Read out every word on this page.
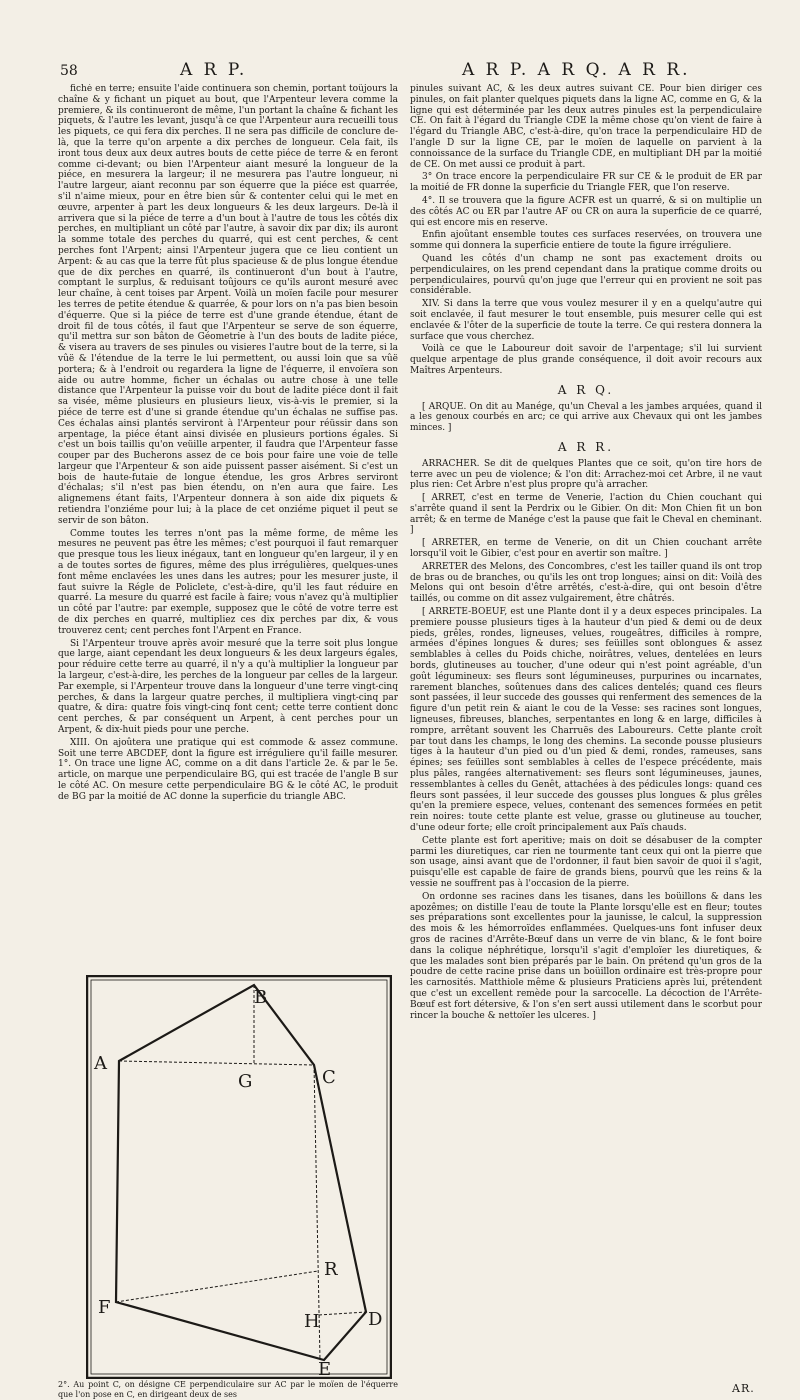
58	A R P.	A R P. A R Q. A R R.

fiché en terre; ensuite l'aide continuera son chemin, portant toûjours la chaîne & y fichant un piquet au bout, que l'Arpenteur levera comme la premiere, & ils continueront de même, l'un portant la chaîne & fichant les piquets, & l'autre les levant, jusqu'à ce que l'Arpenteur aura recueilli tous les piquets, ce qui fera dix perches. Il ne sera pas difficile de conclure de-là, que la terre qu'on arpente a dix perches de longueur. Cela fait, ils iront tous deux aux deux autres bouts de cette piéce de terre & en feront comme ci-devant; ou bien l'Arpenteur aiant mesuré la longueur de la piéce, en mesurera la largeur; il ne mesurera pas l'autre longueur, ni l'autre largeur, aiant reconnu par son équerre que la piéce est quarrée, s'il n'aime mieux, pour en être bien sûr & contenter celui qui le met en œuvre, arpenter à part les deux longueurs & les deux largeurs. De-là il arrivera que si la piéce de terre a d'un bout à l'autre de tous les côtés dix perches, en multipliant un côté par l'autre, à savoir dix par dix; ils auront la somme totale des perches du quarré, qui est cent perches, & cent perches font l'Arpent; ainsi l'Arpenteur jugera que ce lieu contient un Arpent: & au cas que la terre fût plus spacieuse & de plus longue étendue que de dix perches en quarré, ils continueront d'un bout à l'autre, comptant le surplus, & reduisant toûjours ce qu'ils auront mesuré avec leur chaîne, à cent toises par Arpent. Voilà un moïen facile pour mesurer les terres de petite étendue & quarrée, & pour lors on n'a pas bien besoin d'équerre. Que si la piéce de terre est d'une grande étendue, étant de droit fil de tous côtés, il faut que l'Arpenteur se serve de son équerre, qu'il mettra sur son bâton de Géometrie à l'un des bouts de ladite piéce, & visera au travers de ses pinules ou visieres l'autre bout de la terre, si la vûë & l'étendue de la terre le lui permettent, ou aussi loin que sa vûë portera; & à l'endroit ou regardera la ligne de l'équerre, il envoïera son aide ou autre homme, ficher un échalas ou autre chose à une telle distance que l'Arpenteur la puisse voir du bout de ladite piéce dont il fait sa visée, même plusieurs en plusieurs lieux, vis-à-vis le premier, si la piéce de terre est d'une si grande étendue qu'un échalas ne suffise pas. Ces échalas ainsi plantés serviront à l'Arpenteur pour réüssir dans son arpentage, la piéce étant ainsi divisée en plusieurs portions égales. Si c'est un bois taillis qu'on veüille arpenter, il faudra que l'Arpenteur fasse couper par des Bucherons assez de ce bois pour faire une voie de telle largeur que l'Arpenteur & son aide puissent passer aisément. Si c'est un bois de haute-futaie de longue étendue, les gros Arbres serviront d'échalas; s'il n'est pas bien étendu, on n'en aura que faire. Les alignemens étant faits, l'Arpenteur donnera à son aide dix piquets & retiendra l'onziéme pour lui; à la place de cet onziéme piquet il peut se servir de son bâton.

Comme toutes les terres n'ont pas la même forme, de même les mesures ne peuvent pas être les mêmes; c'est pourquoi il faut remarquer que presque tous les lieux inégaux, tant en longueur qu'en largeur, il y en a de toutes sortes de figures, même des plus irrégulières, quelques-unes font même enclavées les unes dans les autres; pour les mesurer juste, il faut suivre la Régle de Policlete, c'est-à-dire, qu'il les faut réduire en quarré. La mesure du quarré est facile à faire; vous n'avez qu'à multiplier un côté par l'autre: par exemple, supposez que le côté de votre terre est de dix perches en quarré, multipliez ces dix perches par dix, & vous trouverez cent; cent perches font l'Arpent en France.

Si l'Arpenteur trouve après avoir mesuré que la terre soit plus longue que large, aiant cependant les deux longueurs & les deux largeurs égales, pour réduire cette terre au quarré, il n'y a qu'à multiplier la longueur par la largeur, c'est-à-dire, les perches de la longueur par celles de la largeur. Par exemple, si l'Arpenteur trouve dans la longueur d'une terre vingt-cinq perches, & dans la largeur quatre perches, il multipliera vingt-cinq par quatre, & dira: quatre fois vingt-cinq font cent; cette terre contient donc cent perches, & par conséquent un Arpent, à cent perches pour un Arpent, & dix-huit pieds pour une perche.

XIII. On ajoûtera une pratique qui est commode & assez commune. Soit une terre ABCDEF, dont la figure est irréguliere qu'il faille mesurer. 1°. On trace une ligne AC, comme on a dit dans l'article 2e. & par le 5e. article, on marque une perpendiculaire BG, qui est tracée de l'angle B sur le côté AC. On mesure cette perpendiculaire BG & le côté AC, le produit de BG par la moitié de AC donne la superficie du triangle ABC.

A
B
C
D
E
F
G
H
R
2°. Au point C, on désigne CE perpendiculaire sur AC par le moïen de l'équerre que l'on pose en C, en dirigeant deux de ses

pinules suivant AC, & les deux autres suivant CE. Pour bien diriger ces pinules, on fait planter quelques piquets dans la ligne AC, comme en G, & la ligne qui est déterminée par les deux autres pinules est la perpendiculaire CE. On fait à l'égard du Triangle CDE la même chose qu'on vient de faire à l'égard du Triangle ABC, c'est-à-dire, qu'on trace la perpendiculaire HD de l'angle D sur la ligne CE, par le moïen de laquelle on parvient à la connoissance de la surface du Triangle CDE, en multipliant DH par la moitié de CE. On met aussi ce produit à part.

3° On trace encore la perpendiculaire FR sur CE & le produit de ER par la moitié de FR donne la superficie du Triangle FER, que l'on reserve.

4°. Il se trouvera que la figure ACFR est un quarré, & si on multiplie un des côtés AC ou ER par l'autre AF ou CR on aura la superficie de ce quarré, qui est encore mis en reserve.

Enfin ajoûtant ensemble toutes ces surfaces reservées, on trouvera une somme qui donnera la superficie entiere de toute la figure irréguliere.

Quand les côtés d'un champ ne sont pas exactement droits ou perpendiculaires, on les prend cependant dans la pratique comme droits ou perpendiculaires, pourvû qu'on juge que l'erreur qui en provient ne soit pas considérable.

XIV. Si dans la terre que vous voulez mesurer il y en a quelqu'autre qui soit enclavée, il faut mesurer le tout ensemble, puis mesurer celle qui est enclavée & l'ôter de la superficie de toute la terre. Ce qui restera donnera la surface que vous cherchez.

Voilà ce que le Laboureur doit savoir de l'arpentage; s'il lui survient quelque arpentage de plus grande conséquence, il doit avoir recours aux Maîtres Arpenteurs.

A R Q.

[ ARQUE. On dit au Manége, qu'un Cheval a les jambes arquées, quand il a les genoux courbés en arc; ce qui arrive aux Chevaux qui ont les jambes minces. ]

A R R.

ARRACHER. Se dit de quelques Plantes que ce soit, qu'on tire hors de terre avec un peu de violence; & l'on dit: Arrachez-moi cet Arbre, il ne vaut plus rien: Cet Arbre n'est plus propre qu'à arracher.

[ ARRET, c'est en terme de Venerie, l'action du Chien couchant qui s'arrête quand il sent la Perdrix ou le Gibier. On dit: Mon Chien fit un bon arrêt; & en terme de Manége c'est la pause que fait le Cheval en cheminant. ]

[ ARRETER, en terme de Venerie, on dit un Chien couchant arrête lorsqu'il voit le Gibier, c'est pour en avertir son maître. ]

ARRETER des Melons, des Concombres, c'est les tailler quand ils ont trop de bras ou de branches, ou qu'ils les ont trop longues; ainsi on dit: Voilà des Melons qui ont besoin d'être arrêtés, c'est-à-dire, qui ont besoin d'être taillés, ou comme on dit assez vulgairement, être châtrés.

[ ARRETE-BOEUF, est une Plante dont il y a deux especes principales. La premiere pousse plusieurs tiges à la hauteur d'un pied & demi ou de deux pieds, grêles, rondes, ligneuses, velues, rougeâtres, difficiles à rompre, armées d'épines longues & dures; ses feüilles sont oblongues & assez semblables à celles du Poids chiche, noirâtres, velues, dentelées en leurs bords, glutineuses au toucher, d'une odeur qui n'est point agréable, d'un goût légumineux: ses fleurs sont légumineuses, purpurines ou incarnates, rarement blanches, soûtenues dans des calices dentelés; quand ces fleurs sont passées, il leur succede des gousses qui renferment des semences de la figure d'un petit rein & aiant le cou de la Vesse: ses racines sont longues, ligneuses, fibreuses, blanches, serpentantes en long & en large, difficiles à rompre, arrêtant souvent les Charruës des Laboureurs. Cette plante croît par tout dans les champs, le long des chemins. La seconde pousse plusieurs tiges à la hauteur d'un pied ou d'un pied & demi, rondes, rameuses, sans épines; ses feüilles sont semblables à celles de l'espece précédente, mais plus pâles, rangées alternativement: ses fleurs sont légumineuses, jaunes, ressemblantes à celles du Genêt, attachées à des pédicules longs: quand ces fleurs sont passées, il leur succede des gousses plus longues & plus grêles qu'en la premiere espece, velues, contenant des semences formées en petit rein noires: toute cette plante est velue, grasse ou glutineuse au toucher, d'une odeur forte; elle croît principalement aux Païs chauds.

Cette plante est fort aperitive; mais on doit se désabuser de la compter parmi les diuretiques, car rien ne tourmente tant ceux qui ont la pierre que son usage, ainsi avant que de l'ordonner, il faut bien savoir de quoi il s'agit, puisqu'elle est capable de faire de grands biens, pourvû que les reins & la vessie ne souffrent pas à l'occasion de la pierre.

On ordonne ses racines dans les tisanes, dans les boüillons & dans les apozêmes; on distille l'eau de toute la Plante lorsqu'elle est en fleur; toutes ses préparations sont excellentes pour la jaunisse, le calcul, la suppression des mois & les hémorroïdes enflammées. Quelques-uns font infuser deux gros de racines d'Arrête-Bœuf dans un verre de vin blanc, & le font boire dans la colique néphrétique, lorsqu'il s'agit d'emploïer les diuretiques, & que les malades sont bien préparés par le bain. On prétend qu'un gros de la poudre de cette racine prise dans un boüillon ordinaire est très-propre pour les carnosités. Matthiole même & plusieurs Praticiens après lui, prétendent que c'est un excellent remède pour la sarcocelle. La décoction de l'Arrête-Bœuf est fort détersive, & l'on s'en sert aussi utilement dans le scorbut pour rincer la bouche & nettoïer les ulceres. ]

AR.
